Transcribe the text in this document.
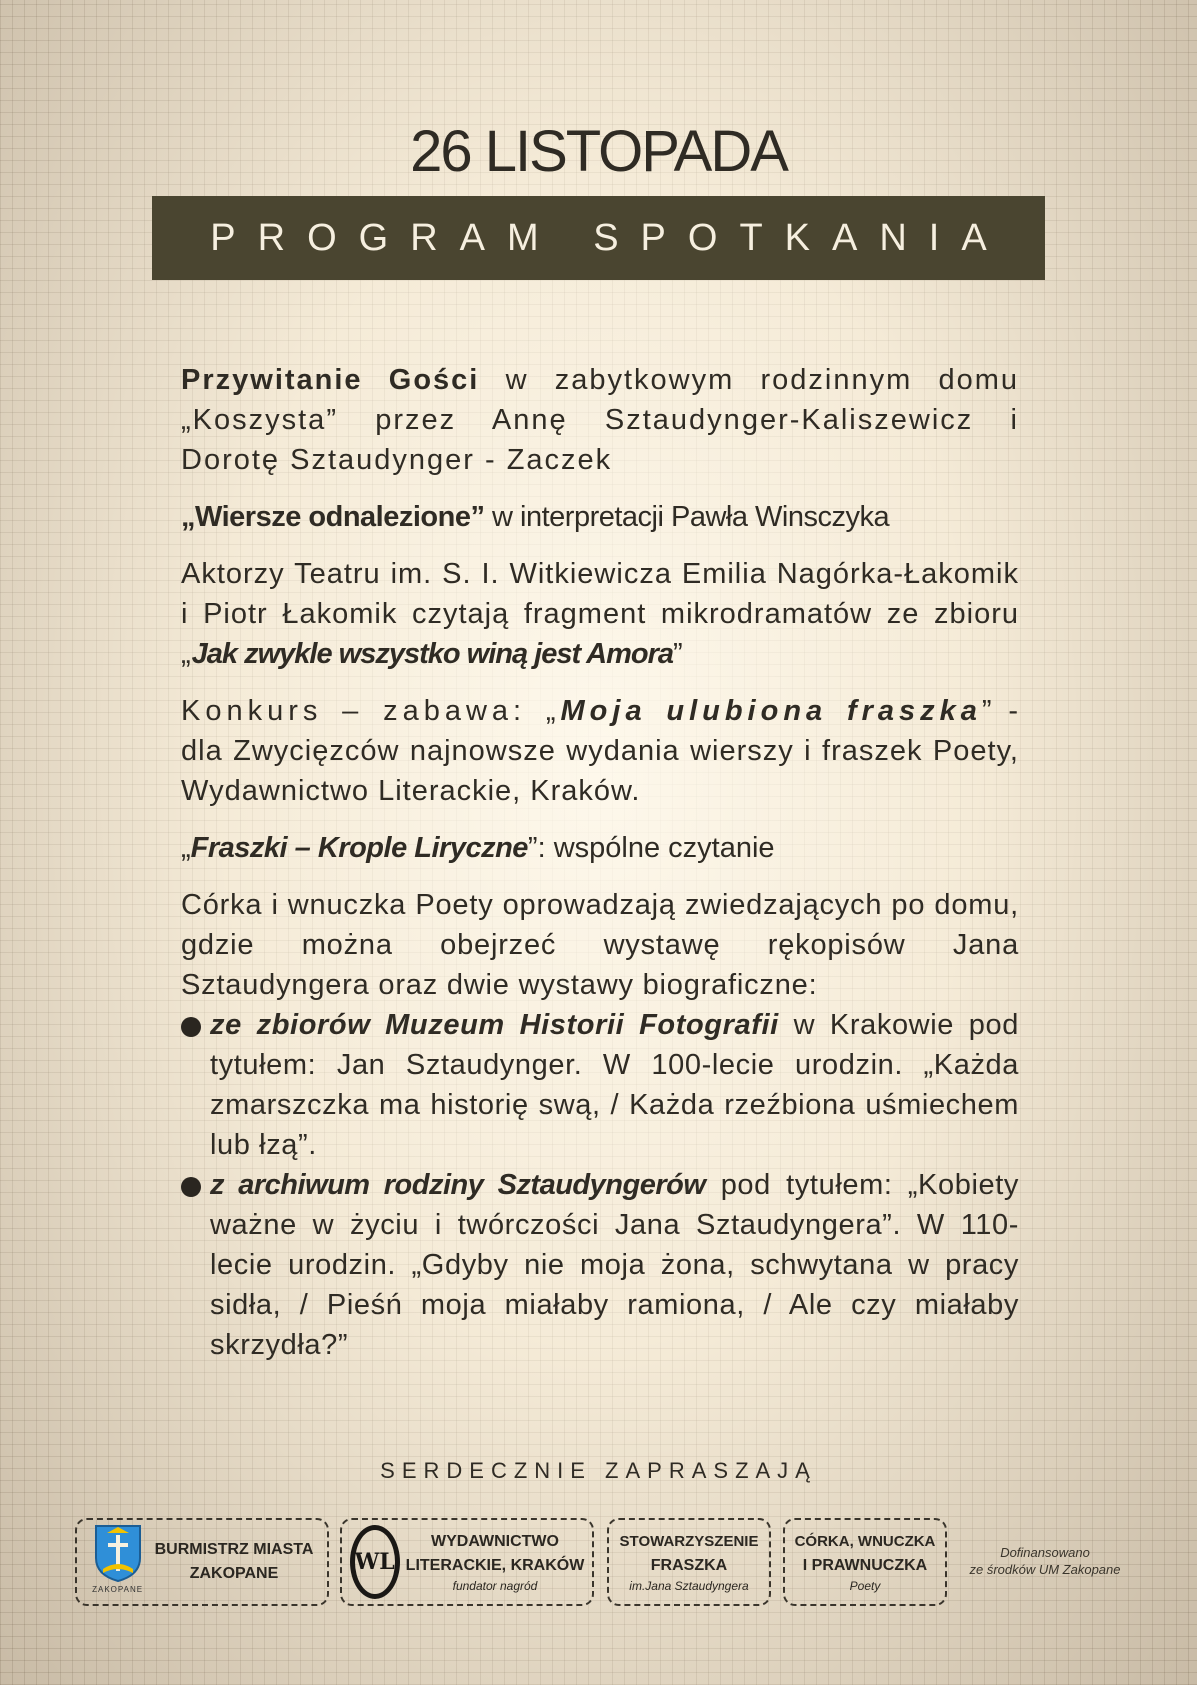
26 LISTOPADA
PROGRAM SPOTKANIA

Przywitanie Gości w zabytkowym rodzinnym domu „Koszysta” przez Annę Sztaudynger-Kaliszewicz i Dorotę Sztaudynger - Zaczek

„Wiersze odnalezione” w interpretacji Pawła Winsczyka

Aktorzy Teatru im. S. I. Witkiewicza Emilia Nagórka-Łakomik i Piotr Łakomik czytają fragment mikrodramatów ze zbioru „Jak zwykle wszystko winą jest Amora”

Konkurs – zabawa: „Moja ulubiona fraszka” - dla Zwycięzców najnowsze wydania wierszy i fraszek Poety, Wydawnictwo Literackie, Kraków.

„Fraszki – Krople Liryczne”: wspólne czytanie

Córka i wnuczka Poety oprowadzają zwiedzających po domu, gdzie można obejrzeć wystawę rękopisów Jana Sztaudyngera oraz dwie wystawy biograficzne:

ze zbiorów Muzeum Historii Fotografii w Krakowie pod tytułem: Jan Sztaudynger. W 100-lecie urodzin. „Każda zmarszczka ma historię swą, / Każda rzeźbiona uśmiechem lub łzą”.

z archiwum rodziny Sztaudyngerów pod tytułem: „Kobiety ważne w życiu i twórczości Jana Sztaudyngera”. W 110-lecie urodzin. „Gdyby nie moja żona, schwytana w pracy sidła, / Pieśń moja miałaby ramiona, / Ale czy miałaby skrzydła?”

SERDECZNIE ZAPRASZAJĄ
ZAKOPANE
BURMISTRZ MIASTA
ZAKOPANE	WL
WYDAWNICTWO
LITERACKIE, KRAKÓW
fundator nagród
STOWARZYSZENIE
FRASZKA
im.Jana Sztaudyngera
CÓRKA, WNUCZKA
I PRAWNUCZKA
Poety
Dofinansowano
ze środków UM Zakopane
